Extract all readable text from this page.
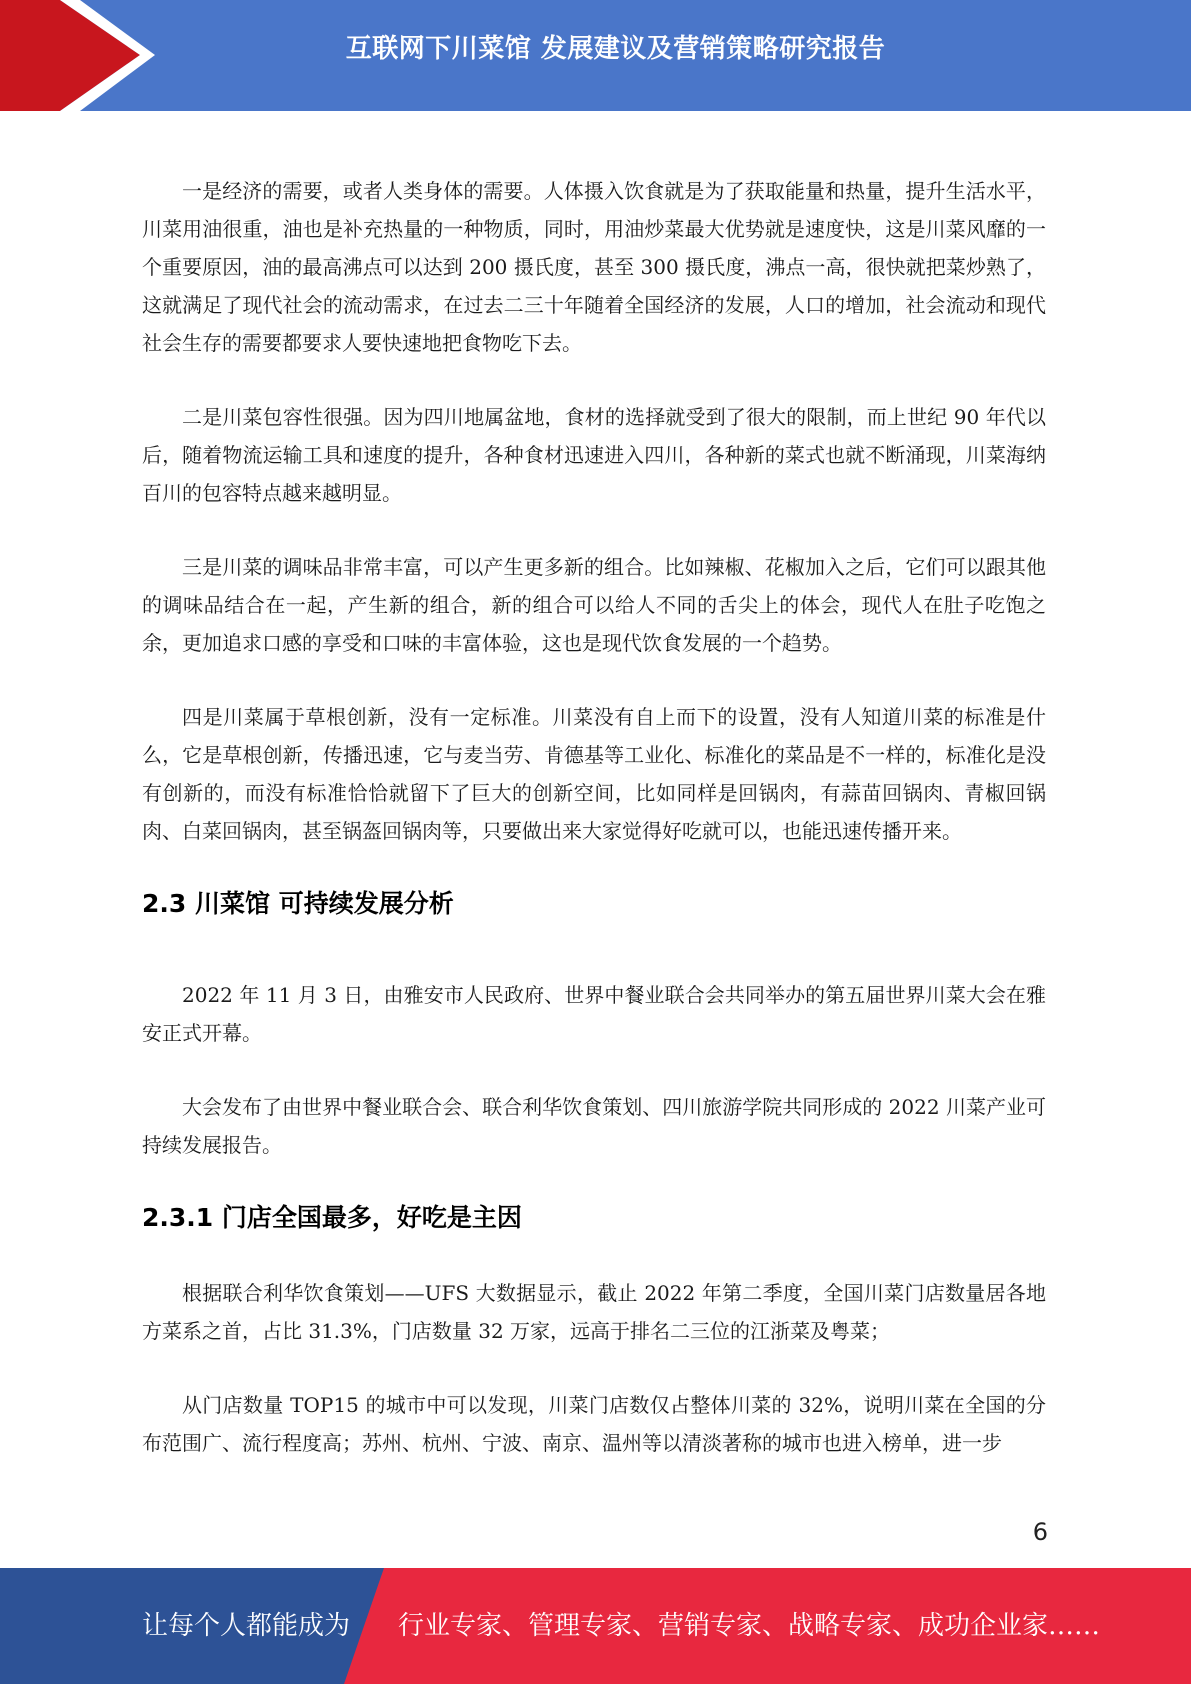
互联网下川菜馆 发展建议及营销策略研究报告

一是经济的需要，或者人类身体的需要。人体摄入饮食就是为了获取能量和热量，提升生活水平，川菜用油很重，油也是补充热量的一种物质，同时，用油炒菜最大优势就是速度快，这是川菜风靡的一个重要原因，油的最高沸点可以达到 200 摄氏度，甚至 300 摄氏度，沸点一高，很快就把菜炒熟了，这就满足了现代社会的流动需求，在过去二三十年随着全国经济的发展，人口的增加，社会流动和现代社会生存的需要都要求人要快速地把食物吃下去。

二是川菜包容性很强。因为四川地属盆地，食材的选择就受到了很大的限制，而上世纪 90 年代以后，随着物流运输工具和速度的提升，各种食材迅速进入四川，各种新的菜式也就不断涌现，川菜海纳百川的包容特点越来越明显。

三是川菜的调味品非常丰富，可以产生更多新的组合。比如辣椒、花椒加入之后，它们可以跟其他的调味品结合在一起，产生新的组合，新的组合可以给人不同的舌尖上的体会，现代人在肚子吃饱之余，更加追求口感的享受和口味的丰富体验，这也是现代饮食发展的一个趋势。

四是川菜属于草根创新，没有一定标准。川菜没有自上而下的设置，没有人知道川菜的标准是什么，它是草根创新，传播迅速，它与麦当劳、肯德基等工业化、标准化的菜品是不一样的，标准化是没有创新的，而没有标准恰恰就留下了巨大的创新空间，比如同样是回锅肉，有蒜苗回锅肉、青椒回锅肉、白菜回锅肉，甚至锅盔回锅肉等，只要做出来大家觉得好吃就可以，也能迅速传播开来。

2.3 川菜馆 可持续发展分析

2022 年 11 月 3 日，由雅安市人民政府、世界中餐业联合会共同举办的第五届世界川菜大会在雅安正式开幕。

大会发布了由世界中餐业联合会、联合利华饮食策划、四川旅游学院共同形成的 2022 川菜产业可持续发展报告。

2.3.1 门店全国最多，好吃是主因

根据联合利华饮食策划——UFS 大数据显示，截止 2022 年第二季度，全国川菜门店数量居各地方菜系之首，占比 31.3%，门店数量 32 万家，远高于排名二三位的江浙菜及粤菜；

从门店数量 TOP15 的城市中可以发现，川菜门店数仅占整体川菜的 32%，说明川菜在全国的分布范围广、流行程度高；苏州、杭州、宁波、南京、温州等以清淡著称的城市也进入榜单，进一步

6
让每个人都能成为 行业专家、管理专家、营销专家、战略专家、成功企业家……
